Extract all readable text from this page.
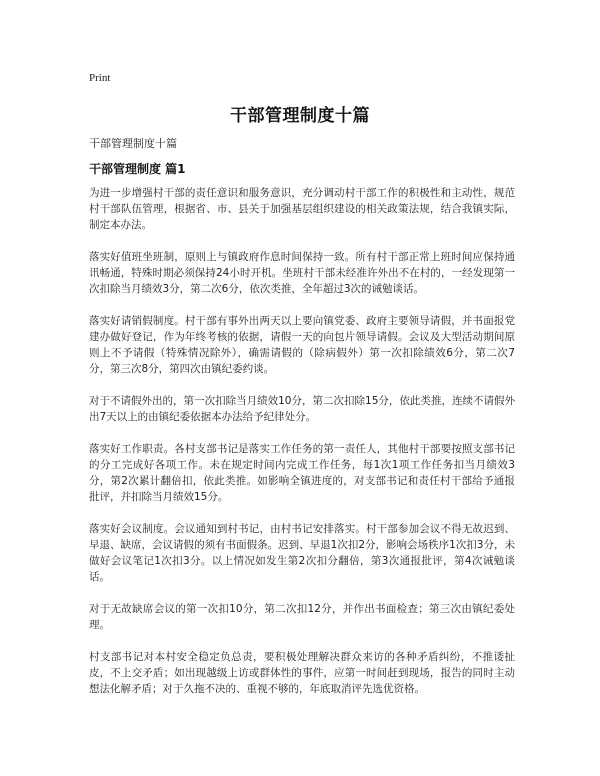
Print
干部管理制度十篇
干部管理制度十篇
干部管理制度 篇1

为进一步增强村干部的责任意识和服务意识，充分调动村干部工作的积极性和主动性，规范村干部队伍管理，根据省、市、县关于加强基层组织建设的相关政策法规，结合我镇实际，制定本办法。

落实好值班坐班制，原则上与镇政府作息时间保持一致。所有村干部正常上班时间应保持通讯畅通，特殊时期必须保持24小时开机。坐班村干部未经准许外出不在村的，一经发现第一次扣除当月绩效3分，第二次6分，依次类推，全年超过3次的诫勉谈话。

落实好请销假制度。村干部有事外出两天以上要向镇党委、政府主要领导请假，并书面报党建办做好登记，作为年终考核的依据，请假一天的向包片领导请假。会议及大型活动期间原则上不予请假（特殊情况除外），确需请假的（除病假外）第一次扣除绩效6分，第二次7分，第三次8分，第四次由镇纪委约谈。

对于不请假外出的，第一次扣除当月绩效10分，第二次扣除15分，依此类推，连续不请假外出7天以上的由镇纪委依据本办法给予纪律处分。

落实好工作职责。各村支部书记是落实工作任务的第一责任人，其他村干部要按照支部书记的分工完成好各项工作。未在规定时间内完成工作任务，每1次1项工作任务扣当月绩效3分，第2次累计翻倍扣，依此类推。如影响全镇进度的，对支部书记和责任村干部给予通报批评，并扣除当月绩效15分。

落实好会议制度。会议通知到村书记，由村书记安排落实。村干部参加会议不得无故迟到、早退、缺席，会议请假的须有书面假条。迟到、早退1次扣2分，影响会场秩序1次扣3分，未做好会议笔记1次扣3分。以上情况如发生第2次扣分翻倍，第3次通报批评，第4次诫勉谈话。

对于无故缺席会议的第一次扣10分，第二次扣12分，并作出书面检查；第三次由镇纪委处理。

村支部书记对本村安全稳定负总责，要积极处理解决群众来访的各种矛盾纠纷，不推诿扯皮，不上交矛盾；如出现越级上访或群体性的事件，应第一时间赶到现场，报告的同时主动想法化解矛盾；对于久拖不决的、重视不够的，年底取消评先选优资格。
